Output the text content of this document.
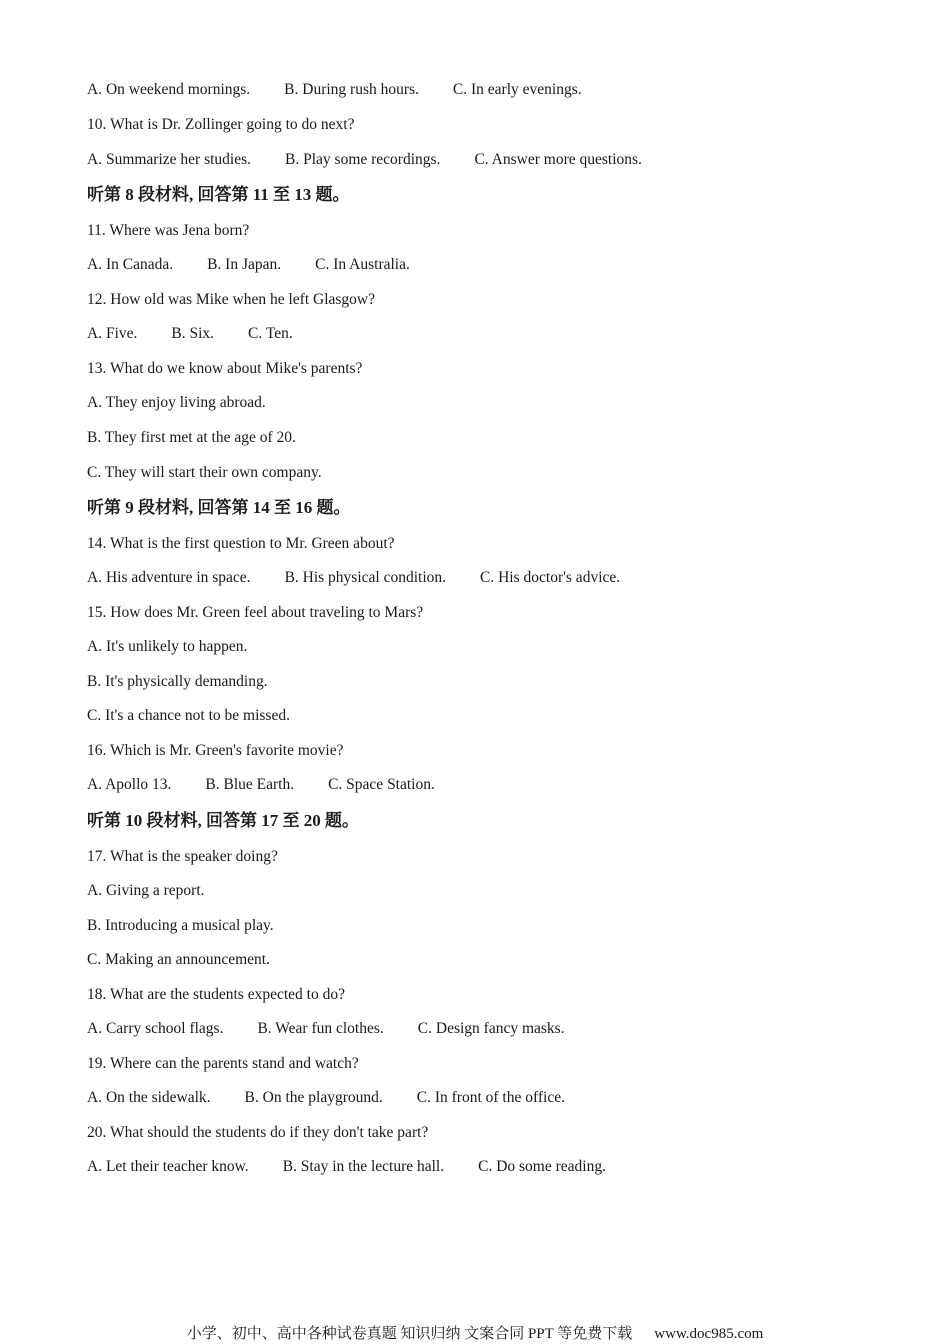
A. On weekend mornings. B. During rush hours. C. In early evenings.
10. What is Dr. Zollinger going to do next?
A. Summarize her studies. B. Play some recordings. C. Answer more questions.
听第 8 段材料, 回答第 11 至 13 题。
11. Where was Jena born?
A. In Canada. B. In Japan. C. In Australia.
12. How old was Mike when he left Glasgow?
A. Five. B. Six. C. Ten.
13. What do we know about Mike's parents?
A. They enjoy living abroad.
B. They first met at the age of 20.
C. They will start their own company.
听第 9 段材料, 回答第 14 至 16 题。
14. What is the first question to Mr. Green about?
A. His adventure in space. B. His physical condition. C. His doctor's advice.
15. How does Mr. Green feel about traveling to Mars?
A. It's unlikely to happen.
B. It's physically demanding.
C. It's a chance not to be missed.
16. Which is Mr. Green's favorite movie?
A. Apollo 13. B. Blue Earth. C. Space Station.
听第 10 段材料, 回答第 17 至 20 题。
17. What is the speaker doing?
A. Giving a report.
B. Introducing a musical play.
C. Making an announcement.
18. What are the students expected to do?
A. Carry school flags. B. Wear fun clothes. C. Design fancy masks.
19. Where can the parents stand and watch?
A. On the sidewalk. B. On the playground. C. In front of the office.
20. What should the students do if they don't take part?
A. Let their teacher know. B. Stay in the lecture hall. C. Do some reading.
小学、初中、高中各种试卷真题 知识归纳 文案合同 PPT 等免费下载 www.doc985.com
